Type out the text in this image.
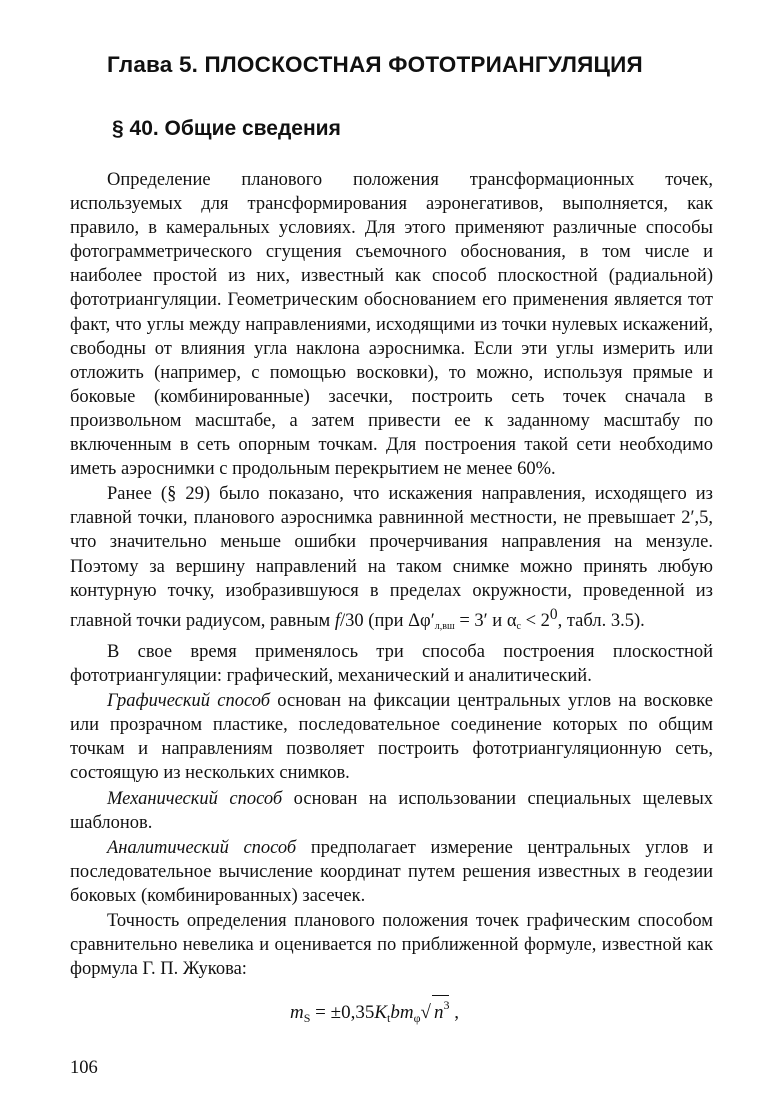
Глава 5. ПЛОСКОСТНАЯ ФОТОТРИАНГУЛЯЦИЯ
§ 40. Общие сведения

Определение планового положения трансформационных точек, используемых для трансформирования аэронегативов, выполняется, как правило, в камеральных условиях. Для этого применяют различные способы фотограмметрического сгущения съемочного обоснования, в том числе и наиболее простой из них, известный как способ плоскостной (радиальной) фототриангуляции. Геометрическим обоснованием его применения является тот факт, что углы между направлениями, исходящими из точки нулевых искажений, свободны от влияния угла наклона аэроснимка. Если эти углы измерить или отложить (например, с помощью восковки), то можно, используя прямые и боковые (комбинированные) засечки, построить сеть точек сначала в произвольном масштабе, а затем привести ее к заданному масштабу по включенным в сеть опорным точкам. Для построения такой сети необходимо иметь аэроснимки с продольным перекрытием не менее 60%.

Ранее (§ 29) было показано, что искажения направления, исходящего из главной точки, планового аэроснимка равнинной местности, не превышает 2′,5, что значительно меньше ошибки прочерчивания направления на мензуле. Поэтому за вершину направлений на таком снимке можно принять любую контурную точку, изобразившуюся в пределах окружности, проведенной из главной точки радиусом, равным f/30 (при Δφ′л,вш = 3′ и $\alpha c < 2^0$, табл. 3.5).

В свое время применялось три способа построения плоскостной фототриангуляции: графический, механический и аналитический.

Графический способ основан на фиксации центральных углов на восковке или прозрачном пластике, последовательное соединение которых по общим точкам и направлениям позволяет построить фототриангуляционную сеть, состоящую из нескольких снимков.

Механический способ основан на использовании специальных щелевых шаблонов.

Аналитический способ предполагает измерение центральных углов и последовательное вычисление координат путем решения известных в геодезии боковых (комбинированных) засечек.

Точность определения планового положения точек графическим способом сравнительно невелика и оценивается по приближенной формуле, известной как формула Г. П. Жукова:

$m_S = \pm 0,35K_tbm_\varphi√$ $n^3$ ,
106
